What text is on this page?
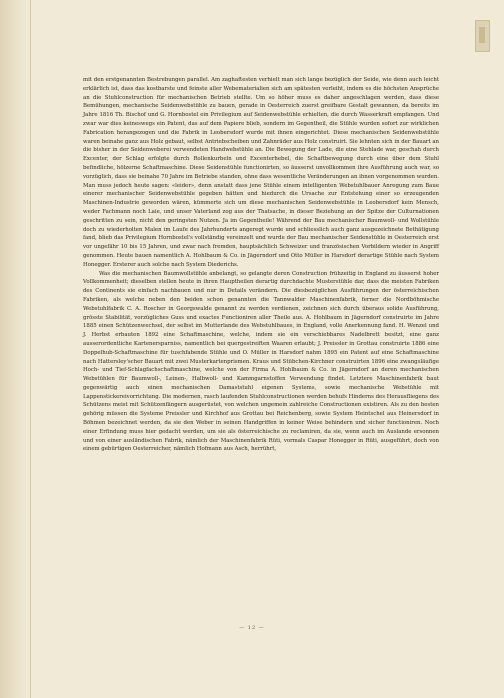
mit den erstgenannten Bestrebungen parallel. Am zaghaftesten verhielt man sich lange bezüglich der Seide, wie denn auch leicht erklärlich ist, dass das kostbarste und feinste aller Webematerialien sich am spätesten verleiht, indem es die höchsten Ansprüche an die Stuhlconstruction für mechanischen Betrieb stellte. Um so höher muss es daher angeschlagen werden, dass diese Bemühungen, mechanische Seidenwebstühle zu bauen, gerade in Oesterreich zuerst greifbare Gestalt gewannen, da bereits im Jahre 1816 Th. Bischof und G. Hornbostel ein Privilegium auf Seidenwebstühle erhielten, die durch Wasserkraft empfangen. Und zwar war dies keineswegs ein Patent, das auf dem Papiere blieb, sondern im Gegentheil, die Stühle wurden sofort zur wirklichen Fabrication herangezogen und die Fabrik in Leobersdorf wurde mit ihnen eingerichtet. Diese mechanischen Seidenwebstühle waren beinahe ganz aus Holz gebaut, selbst Antriebscheiben und Zahnräder aus Holz construirt. Sie lehnten sich in der Bauart an die bisher in der Seidenweberei verwendeten Handwebstühle an. Die Bewegung der Lade, die eine Stehlade war, geschah durch Excenter, der Schlag erfolgte durch Rollenkurbeln und Excenterhebel, die Schaftbewegung durch eine über dem Stuhl befindliche, hölzerne Schaftmaschine. Diese Seidenstühle functionirten, so äusserst unvollkommen ihre Ausführung auch war, so vorzüglich, dass sie beinahe 70 Jahre im Betriebe standen, ohne dass wesentliche Veränderungen an ihnen vorgenommen wurden. Man muss jedoch heute sagen: «leider», denn anstatt dass jene Stühle einem intelligenten Webstuhlbauer Anregung zum Baue einerer mechanischer Seidenwebstühle gegeben hätten und hiedurch die Ursache zur Entstehung einer so erzeugenden Maschinen-Industrie geworden wären, kümmerte sich um diese mechanischen Seidenwebstühle in Leobersdorf kein Mensch, weder Fachmann noch Laie, und unser Vaterland zog aus der Thatsache, in dieser Beziehung an der Spitze der Culturnationen geschritten zu sein, nicht den geringsten Nutzen. Ja im Gegentheile! Während der Bau mechanischer Baumwoll- und Wollstühle doch zu wiederholten Malen im Laufe des Jahrhunderts angeregt wurde und schliesslich auch ganz ausgezeichnete Bethätigung fand, blieb das Privilegium Hornbostel's vollständig vereinzelt und wurde der Bau mechanischer Seidenstühle in Oesterreich erst vor ungefähr 10 bis 15 Jahren, und zwar nach fremden, hauptsächlich Schweizer und französischen Vorbildern wieder in Angriff genommen. Heute bauen namentlich A. Hohlbaum & Co. in Jägerndorf und Otto Müller in Harsdorf derartige Stühle nach System Honegger. Ersterer auch solche nach System Diederichs.

Was die mechanischen Baumwollstühle anbelangt, so gelangte deren Construction frühzeitig in England zu äusserst hoher Vollkommenheit; dieselben stellen heute in ihren Hauptheilen derartig durchdachte Musterstühle dar, dass die meisten Fabriken des Continents sie einfach nachbauen und nur in Details verändern. Die diesbezüglichen Ausführungen der österreichischen Fabriken, als welche neben den beiden schon genannten die Tannwalder Maschinenfabrik, ferner die Nordböhmische Webstuhlfabrik C. A. Roscher in Georgswalde genannt zu werden verdienen, zeichnen sich durch überaus solide Ausführung, grösste Stabilität, vorzügliches Guss und exactes Functioniren aller Theile aus. A. Hohlbaum in Jägerndorf construirte im Jahre 1885 einen Schützenwechsel, der selbst im Mutterlande des Webstuhlbaues, in England, volle Anerkennung fand. H. Wenzel und J. Herbst erbauten 1892 eine Schaftmaschine, welche, indem sie ein verschiebbares Nadelbrett besitzt, eine ganz ausserordentliche Kartenersparniss, namentlich bei quergestreiften Waaren erlaubt; J. Preissler in Grottau construirte 1886 eine Doppelhub-Schaftmaschine für tuschfabende Stühle und O. Müller in Harsdorf nahm 1895 ein Patent auf eine Schaftmaschine nach Hattersley'scher Bauart mit zwei Musterkartenprismen. Kraus und Stübchen-Kirchner construirten 1896 eine zwangsläufige Hoch- und Tief-Schlagfachschaftmaschine, welche von der Firma A. Hohlbaum & Co. in Jägerndorf an deren mechanischen Webstühlen für Baumwoll-, Leinen-, Halbwoll- und Kammgarnstoffen Verwendung findet. Letztere Maschinenfabrik baut gegenwärtig auch einen mechanischen Damaststuhl eigenen Systems, sowie mechanische Webstühle mit Lappenstickereivorrichtung. Die modernen, rasch laufenden Stuhlconstructionen werden behufs Hinderns des Herausfliegens des Schützens meist mit Schützenfängern ausgerüstet, von welchen ungemein zahlreiche Constructionen existiren. Als zu den besten gehörig müssen die Systeme Preissler und Kirchhof aus Grottau bei Reichenberg, sowie System Heintschel aus Heinersdorf in Böhmen bezeichnet werden, da sie den Weber in seinen Handgriffen in keiner Weise behindern und sicher functioniren. Noch einer Erfindung muss hier gedacht werden, um sie als österreichische zu reclamiren, da sie, wenn auch im Auslande ersonnen und von einer ausländischen Fabrik, nämlich der Maschinenfabrik Rüti, vormals Caspar Honegger in Rüti, ausgeführt, doch von einem gebürtigen Oesterreicher, nämlich Hofmann aus Asch, herrührt,

— 12 —
